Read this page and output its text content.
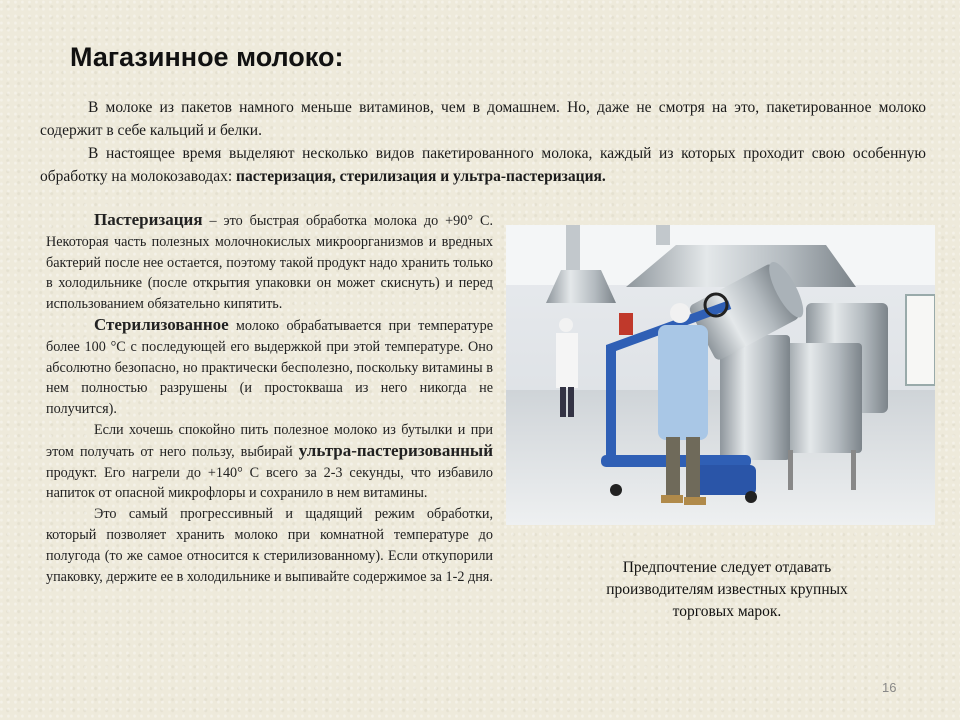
Магазинное молоко:

В молоке из пакетов намного меньше витаминов, чем в домашнем. Но, даже не смотря на это, пакетированное молоко содержит в себе кальций и белки.

В настоящее время выделяют несколько видов пакетированного молока, каждый из которых проходит свою особенную обработку на молокозаводах: пастеризация, стерилизация и ультра-пастеризация.

Пастеризация – это быстрая обработка молока до +90° С. Некоторая часть полезных молочнокислых микроорганизмов и вредных бактерий после нее остается, поэтому такой продукт надо хранить только в холодильнике (после открытия упаковки он может скиснуть) и перед использованием обязательно кипятить.

Стерилизованное молоко обрабатывается при температуре более 100 °С с последующей его выдержкой при этой температуре. Оно абсолютно безопасно, но практически бесполезно, поскольку витамины в нем полностью разрушены (и простокваша из него никогда не получится).

Если хочешь спокойно пить полезное молоко из бутылки и при этом получать от него пользу, выбирай ультра-пастеризованный продукт. Его нагрели до +140° С всего за 2-3 секунды, что избавило напиток от опасной микрофлоры и сохранило в нем витамины.

Это самый прогрессивный и щадящий режим обработки, который позволяет хранить молоко при комнатной температуре до полугода (то же самое относится к стерилизованному). Если откупорили упаковку, держите ее в холодильнике и выпивайте содержимое за 1-2 дня.

Предпочтение следует отдавать производителям известных крупных торговых марок.
16
